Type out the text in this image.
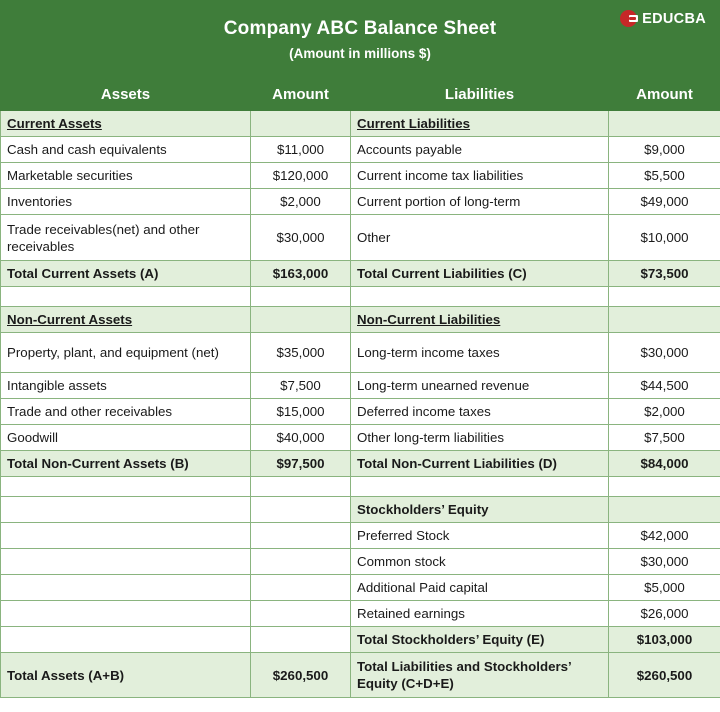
Company ABC Balance Sheet
(Amount in millions $)
EDUCBA
Assets	Amount	Liabilities	Amount
Current Assets		Current Liabilities	
Cash and cash equivalents	$11,000	Accounts payable	$9,000
Marketable securities	$120,000	Current income tax liabilities	$5,500
Inventories	$2,000	Current portion of long-term	$49,000
Trade receivables(net) and other receivables	$30,000	Other	$10,000
Total Current Assets (A)	$163,000	Total Current Liabilities (C)	$73,500

Non-Current Assets		Non-Current Liabilities	
Property, plant, and equipment (net)	$35,000	Long-term income taxes	$30,000
Intangible assets	$7,500	Long-term unearned revenue	$44,500
Trade and other receivables	$15,000	Deferred income taxes	$2,000
Goodwill	$40,000	Other long-term liabilities	$7,500
Total Non-Current Assets (B)	$97,500	Total Non-Current Liabilities (D)	$84,000

		Stockholders’ Equity	
		Preferred Stock	$42,000
		Common stock	$30,000
		Additional Paid capital	$5,000
		Retained earnings	$26,000
		Total Stockholders’ Equity (E)	$103,000
Total Assets (A+B)	$260,500	Total Liabilities and Stockholders’ Equity (C+D+E)	$260,500
